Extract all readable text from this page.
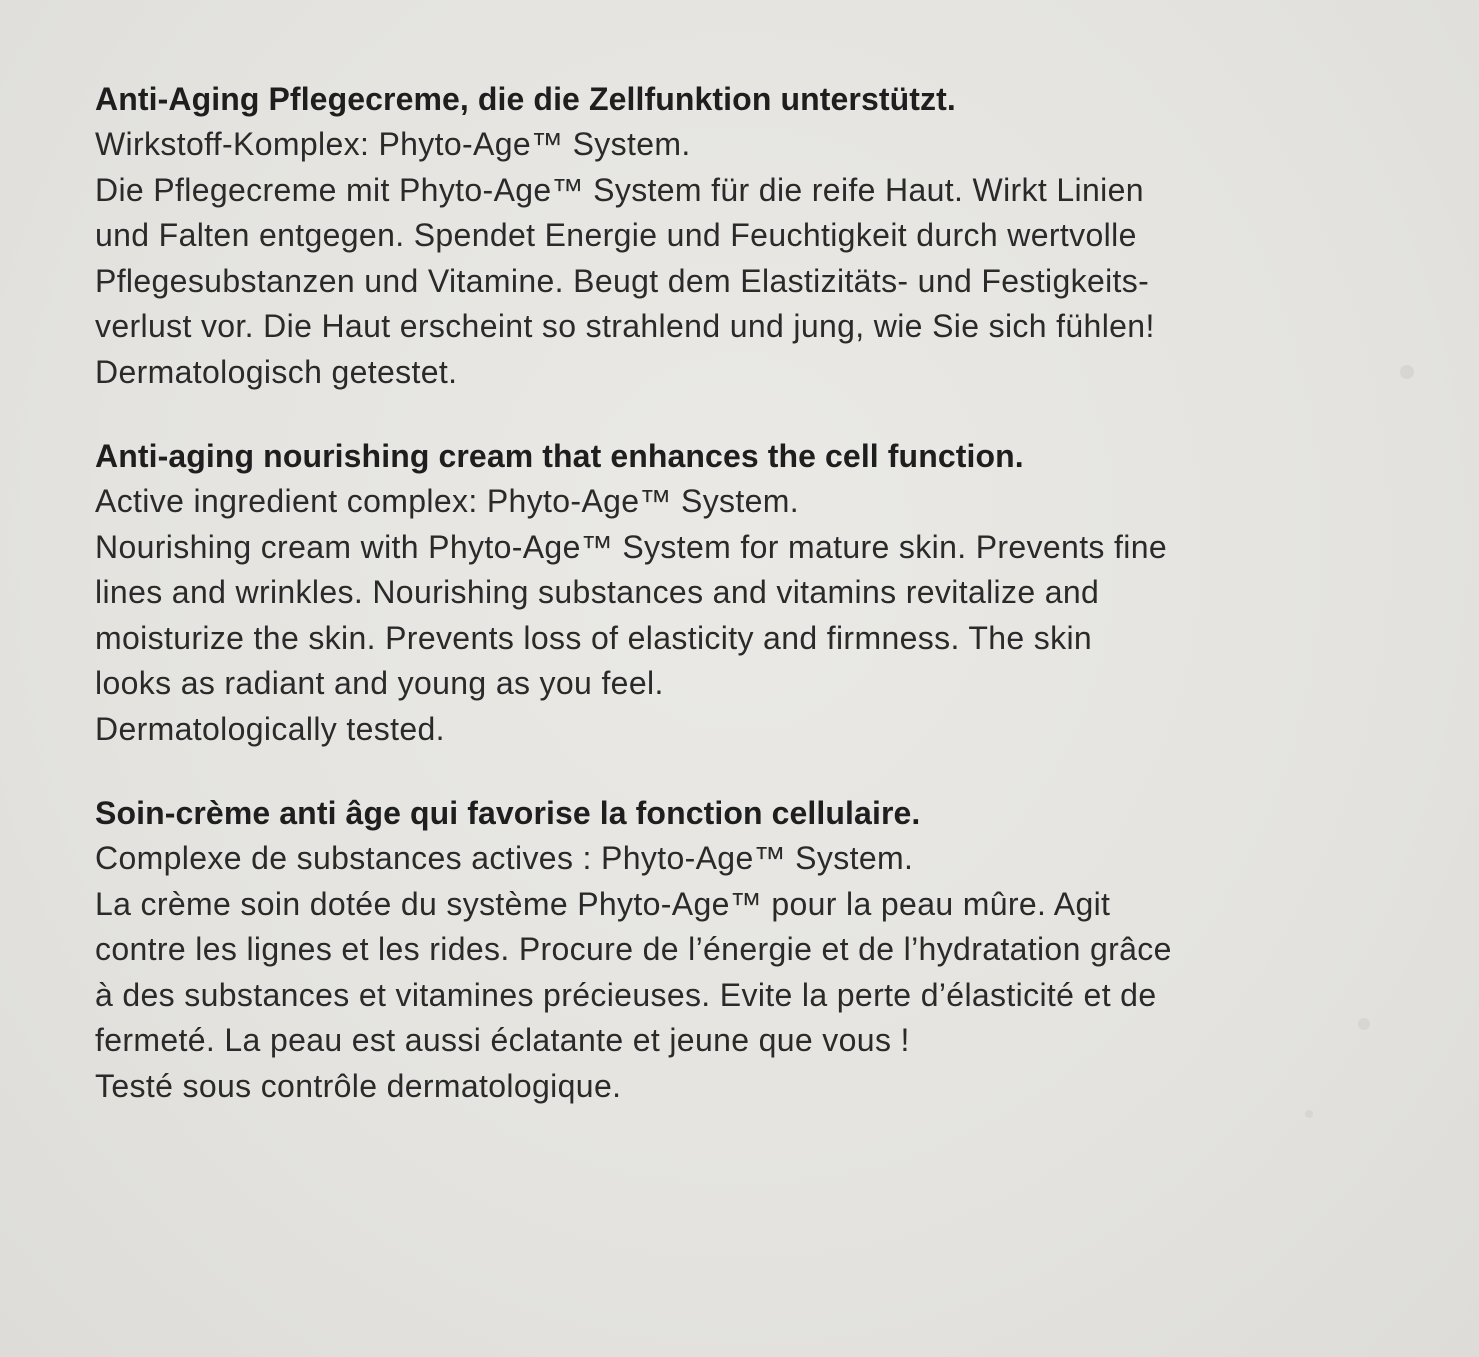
Anti-Aging Pflegecreme, die die Zellfunktion unterstützt.

Wirkstoff-Komplex: Phyto-Age™ System.

Die Pflegecreme mit Phyto-Age™ System für die reife Haut. Wirkt Linien

und Falten entgegen. Spendet Energie und Feuchtigkeit durch wertvolle

Pflegesubstanzen und Vitamine. Beugt dem Elastizitäts- und Festigkeits-

verlust vor. Die Haut erscheint so strahlend und jung, wie Sie sich fühlen!

Dermatologisch getestet.

Anti-aging nourishing cream that enhances the cell function.

Active ingredient complex: Phyto-Age™ System.

Nourishing cream with Phyto-Age™ System for mature skin. Prevents fine

lines and wrinkles. Nourishing substances and vitamins revitalize and

moisturize the skin. Prevents loss of elasticity and firmness. The skin

looks as radiant and young as you feel.

Dermatologically tested.

Soin-crème anti âge qui favorise la fonction cellulaire.

Complexe de substances actives : Phyto-Age™ System.

La crème soin dotée du système Phyto-Age™ pour la peau mûre. Agit

contre les lignes et les rides. Procure de l’énergie et de l’hydratation grâce

à des substances et vitamines précieuses. Evite la perte d’élasticité et de

fermeté. La peau est aussi éclatante et jeune que vous !

Testé sous contrôle dermatologique.
